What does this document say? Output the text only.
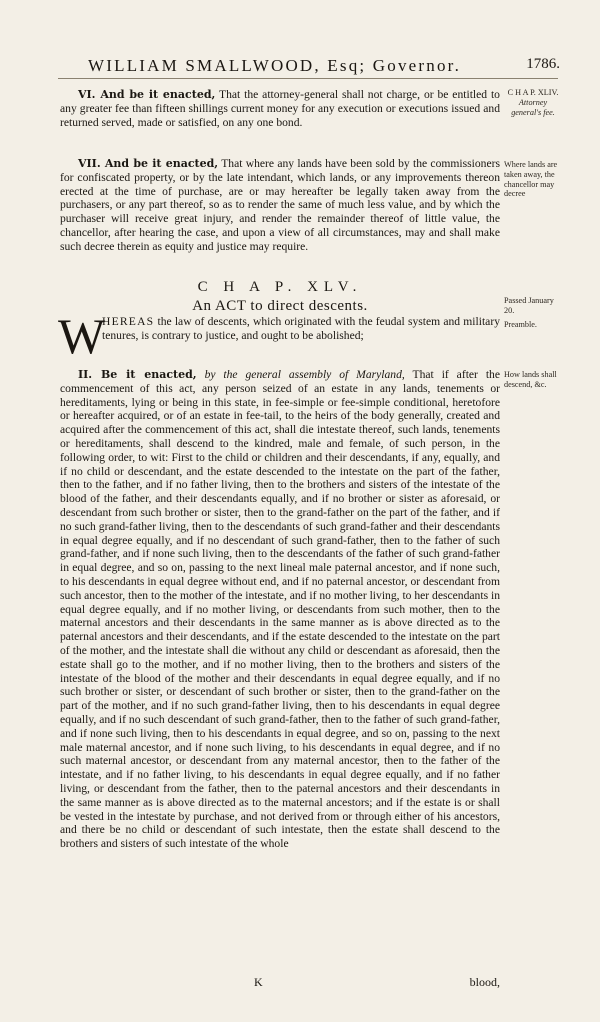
WILLIAM SMALLWOOD, Esq; Governor.	1786.
C H A P. XLIV.
Attorney general's fee.

VI. And be it enacted, That the attorney-general shall not charge, or be entitled to any greater fee than fifteen shillings current money for any execution or executions issued and returned served, made or satisfied, on any one bond.

Where lands are taken away, the chancellor may decree

VII. And be it enacted, That where any lands have been sold by the commissioners for confiscated property, or by the late intendant, which lands, or any improvements thereon erected at the time of purchase, are or may hereafter be legally taken away from the purchasers, or any part thereof, so as to render the same of much less value, and by which the purchaser will receive great injury, and render the remainder thereof of little value, the chancellor, after hearing the case, and upon a view of all circumstances, may and shall make such decree therein as equity and justice may require.

C H A P. XLV.
An ACT to direct descents.	Passed January 20.
Preamble.
W

HEREAS the law of descents, which originated with the feudal system and military tenures, is contrary to justice, and ought to be abolished;

How lands shall descend, &c.

II. Be it enacted, by the general assembly of Maryland, That if after the commencement of this act, any person seized of an estate in any lands, tenements or hereditaments, lying or being in this state, in fee-simple or fee-simple conditional, heretofore or hereafter acquired, or of an estate in fee-tail, to the heirs of the body generally, created and acquired after the commencement of this act, shall die intestate thereof, such lands, tenements or hereditaments, shall descend to the kindred, male and female, of such person, in the following order, to wit: First to the child or children and their descendants, if any, equally, and if no child or descendant, and the estate descended to the intestate on the part of the father, then to the father, and if no father living, then to the brothers and sisters of the intestate of the blood of the father, and their descendants equally, and if no brother or sister as aforesaid, or descendant from such brother or sister, then to the grand-father on the part of the father, and if no such grand-father living, then to the descendants of such grand-father and their descendants in equal degree equally, and if no descendant of such grand-father, then to the father of such grand-father, and if none such living, then to the descendants of the father of such grand-father in equal degree, and so on, passing to the next lineal male paternal ancestor, and if none such, to his descendants in equal degree without end, and if no paternal ancestor, or descendant from such ancestor, then to the mother of the intestate, and if no mother living, to her descendants in equal degree equally, and if no mother living, or descendants from such mother, then to the maternal ancestors and their descendants in the same manner as is above directed as to the paternal ancestors and their descendants, and if the estate descended to the intestate on the part of the mother, and the intestate shall die without any child or descendant as aforesaid, then the estate shall go to the mother, and if no mother living, then to the brothers and sisters of the intestate of the blood of the mother and their descendants in equal degree equally, and if no such brother or sister, or descendant of such brother or sister, then to the grand-father on the part of the mother, and if no such grand-father living, then to his descendants in equal degree equally, and if no such descendant of such grand-father, then to the father of such grand-father, and if none such living, then to his descendants in equal degree, and so on, passing to the next male maternal ancestor, and if none such living, to his descendants in equal degree, and if no such maternal ancestor, or descendant from any maternal ancestor, then to the father of the intestate, and if no father living, to his descendants in equal degree equally, and if no father living, or descendant from the father, then to the paternal ancestors and their descendants in the same manner as is above directed as to the maternal ancestors; and if the estate is or shall be vested in the intestate by purchase, and not derived from or through either of his ancestors, and there be no child or descendant of such intestate, then the estate shall descend to the brothers and sisters of such intestate of the whole

K	blood,
